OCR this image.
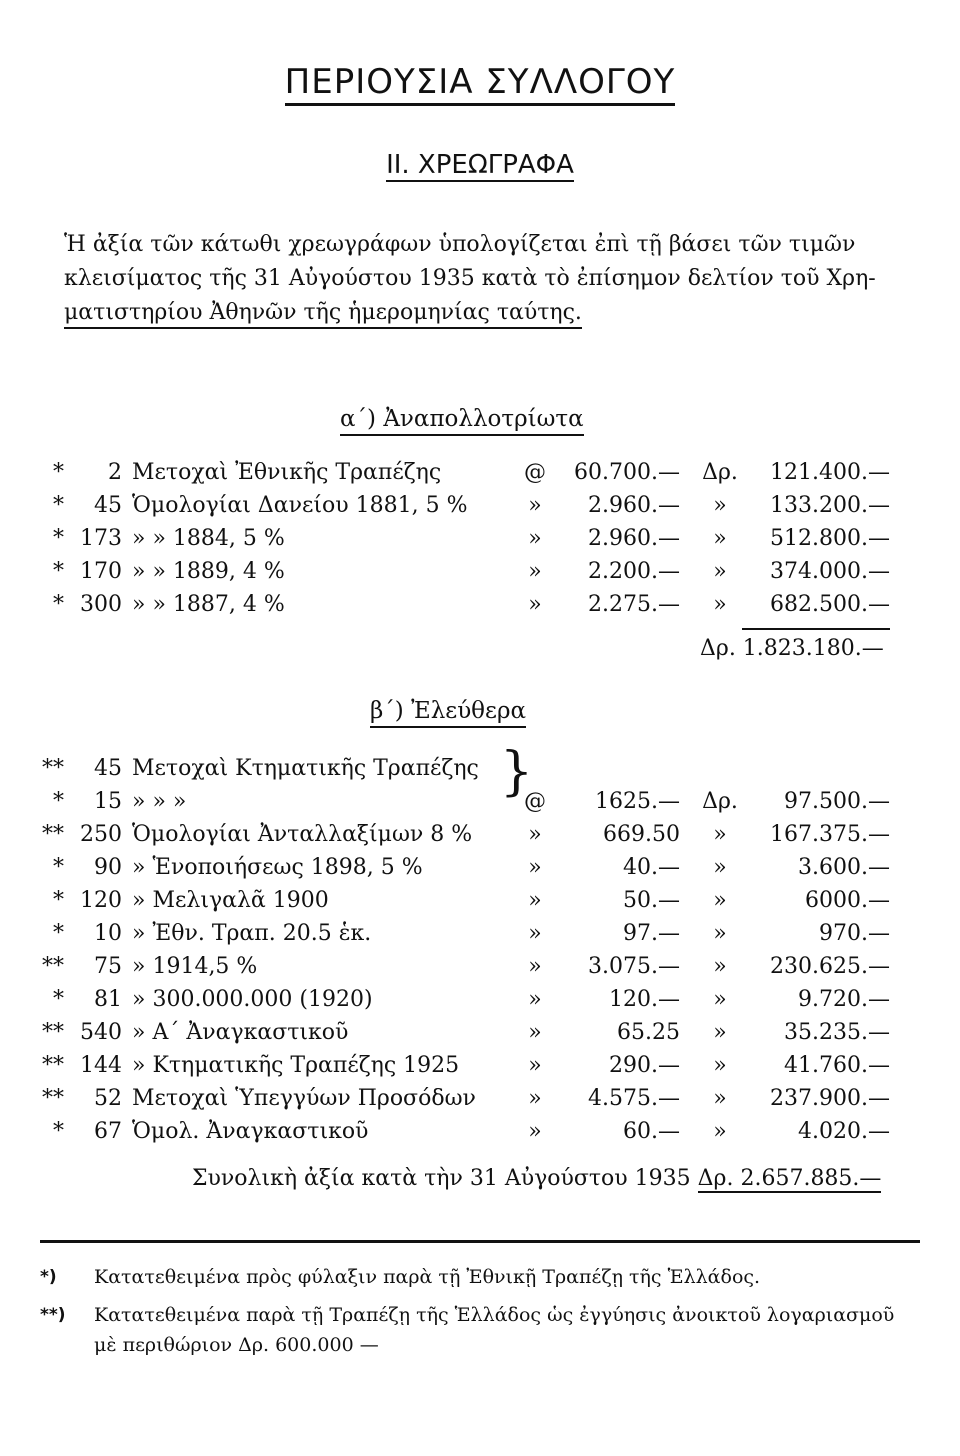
ΠΕΡΙΟΥΣΙΑ ΣΥΛΛΟΓΟΥ
ΙΙ. ΧΡΕΩΓΡΑΦΑ
Ἡ ἀξία τῶν κάτωθι χρεωγράφων ὑπολογίζεται ἐπὶ τῇ βάσει τῶν τιμῶν
κλεισίματος τῆς 31 Αὐγούστου 1935 κατὰ τὸ ἐπίσημον δελτίον τοῦ Χρη-
ματιστηρίου Ἀθηνῶν τῆς ἡμερομηνίας ταύτης.
α΄) Ἀναπολλοτρίωτα
*	2 Μετοχαὶ Ἐθνικῆς Τραπέζης	@	60.700.— Δρ.	121.400.—
*	45 Ὁμολογίαι Δανείου 1881, 5 %	»	2.960.—	»	133.200.—
* 173 » » 1884, 5 %	»	2.960.—	»	512.800.—
* 170 » » 1889, 4 %	»	2.200.—	»	374.000.—
* 300 » » 1887, 4 %	»	2.275.—	»	682.500.—
Δρ. 1.823.180.—
β΄) Ἐλεύθερα
}
**	45 Μετοχαὶ Κτηματικῆς Τραπέζης
*	15 » » »	@	1625.— Δρ.	97.500.—
** 250 Ὁμολογίαι Ἀνταλλαξίμων 8 %	»	669.50	»	167.375.—
*	90 » Ἑνοποιήσεως 1898, 5 %	»	40.—	»	3.600.—
* 120 » Μελιγαλᾶ 1900	»	50.—	»	6000.—
*	10 » Ἐθν. Τραπ. 20.5 ἑκ.	»	97.—	»	970.—
**	75 » 1914,5 %	»	3.075.—	»	230.625.—
*	81 » 300.000.000 (1920)	»	120.—	»	9.720.—
** 540 » Α΄ Ἀναγκαστικοῦ	»	65.25	»	35.235.—
** 144 » Κτηματικῆς Τραπέζης 1925	»	290.—	»	41.760.—
**	52 Μετοχαὶ Ὑπεγγύων Προσόδων	»	4.575.—	»	237.900.—
*	67 Ὁμολ. Ἀναγκαστικοῦ	»	60.—	»	4.020.—
Συνολικὴ ἀξία κατὰ τὴν 31 Αὐγούστου 1935 Δρ. 2.657.885.—
*) Κατατεθειμένα πρὸς φύλαξιν παρὰ τῇ Ἐθνικῇ Τραπέζῃ τῆς Ἑλλάδος.
**) Κατατεθειμένα παρὰ τῇ Τραπέζῃ τῆς Ἑλλάδος ὡς ἐγγύησις ἀνοικτοῦ λογαριασμοῦ μὲ περιθώριον Δρ. 600.000 —
